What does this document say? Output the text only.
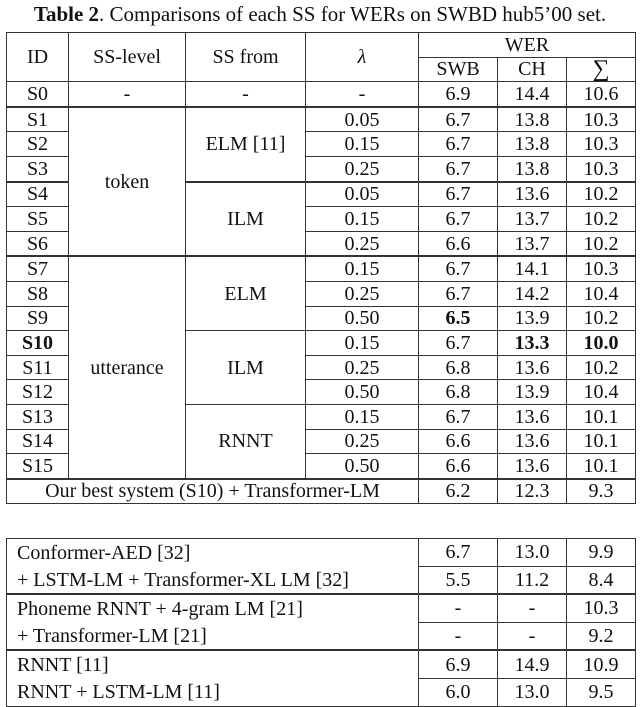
Table 2. Comparisons of each SS for WERs on SWBD hub5’00 set.
ID	SS-level	SS from	λ	WER		
				SWB	CH	∑
S0	-	-	-	6.9	14.4	10.6
S1	token	ELM [11]	0.05	6.7	13.8	10.3
S2			0.15	6.7	13.8	10.3
S3			0.25	6.7	13.8	10.3
S4		ILM	0.05	6.7	13.6	10.2
S5			0.15	6.7	13.7	10.2
S6			0.25	6.6	13.7	10.2
S7	utterance	ELM	0.15	6.7	14.1	10.3
S8			0.25	6.7	14.2	10.4
S9			0.50	6.5	13.9	10.2
S10		ILM	0.15	6.7	13.3	10.0
S11			0.25	6.8	13.6	10.2
S12			0.50	6.8	13.9	10.4
S13		RNNT	0.15	6.7	13.6	10.1
S14			0.25	6.6	13.6	10.1
S15			0.50	6.6	13.6	10.1
Our best system (S10) + Transformer-LM				6.2	12.3	9.3
Conformer-AED [32]	6.7	13.0	9.9
+ LSTM-LM + Transformer-XL LM [32]	5.5	11.2	8.4
Phoneme RNNT + 4-gram LM [21]	-	-	10.3
+ Transformer-LM [21]	-	-	9.2
RNNT [11]	6.9	14.9	10.9
RNNT + LSTM-LM [11]	6.0	13.0	9.5
